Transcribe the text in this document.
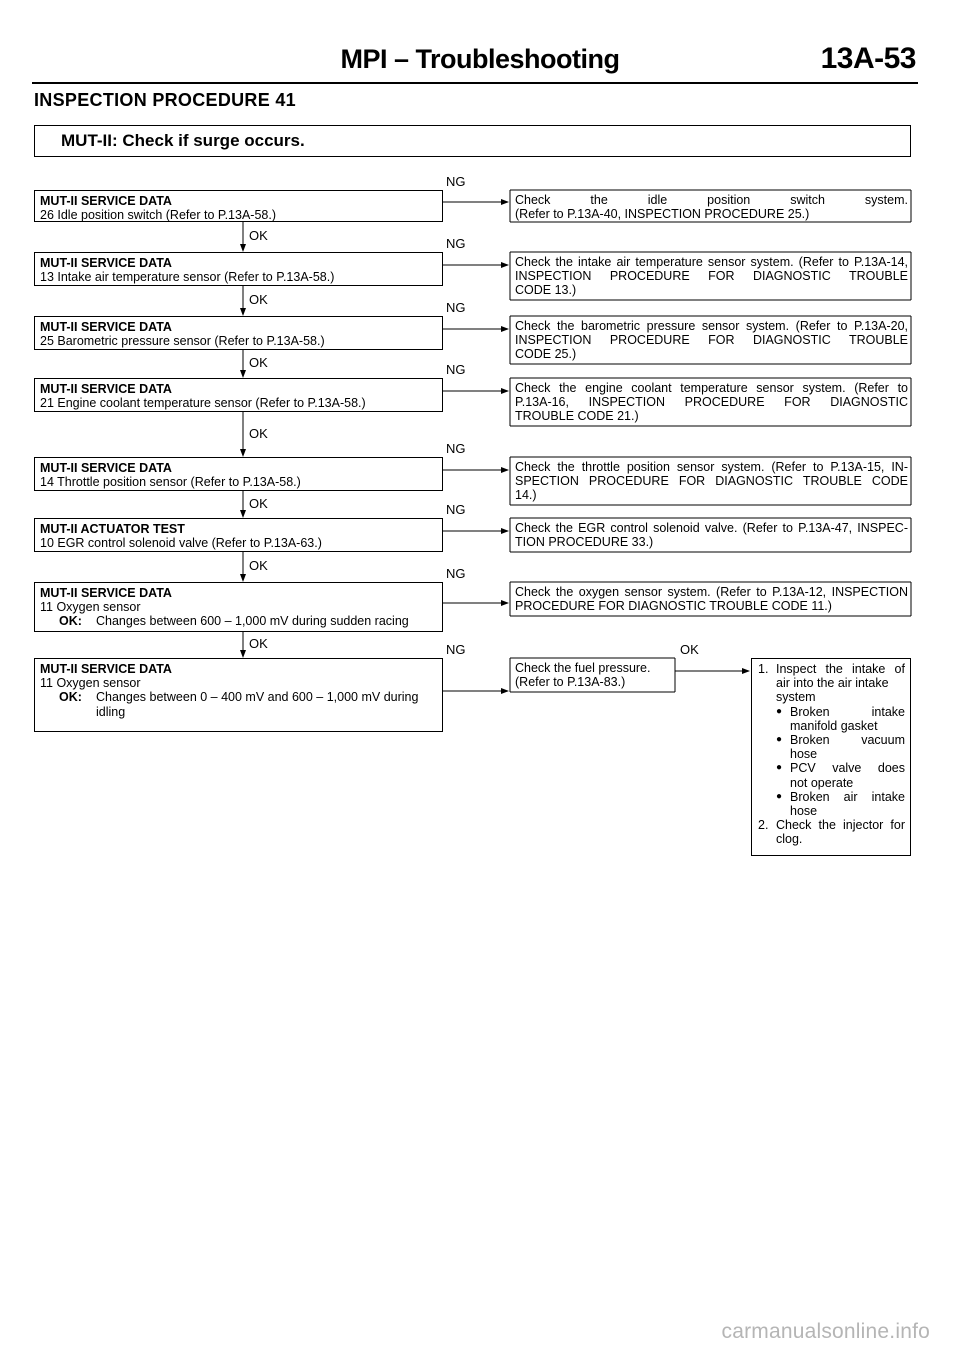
MPI – Troubleshooting	13A-53
INSPECTION PROCEDURE 41
MUT-II: Check if surge occurs.
MUT-II SERVICE DATA
26 Idle position switch (Refer to P.13A-58.)
Check the idle position switch system.
(Refer to P.13A-40, INSPECTION PROCEDURE 25.)
NG
OK
MUT-II SERVICE DATA
13 Intake air temperature sensor (Refer to P.13A-58.)
Check the intake air temperature sensor system. (Refer to P.13A-14,
INSPECTION PROCEDURE FOR DIAGNOSTIC TROUBLE
CODE 13.)
NG
OK
MUT-II SERVICE DATA
25 Barometric pressure sensor (Refer to P.13A-58.)
Check the barometric pressure sensor system. (Refer to P.13A-20,
INSPECTION PROCEDURE FOR DIAGNOSTIC TROUBLE
CODE 25.)
NG
OK
MUT-II SERVICE DATA
21 Engine coolant temperature sensor (Refer to P.13A-58.)
Check the engine coolant temperature sensor system. (Refer to
P.13A-16, INSPECTION PROCEDURE FOR DIAGNOSTIC
TROUBLE CODE 21.)
NG
OK
MUT-II SERVICE DATA
14 Throttle position sensor (Refer to P.13A-58.)
Check the throttle position sensor system. (Refer to P.13A-15, IN-
SPECTION PROCEDURE FOR DIAGNOSTIC TROUBLE CODE
14.)
NG
OK
MUT-II ACTUATOR TEST
10 EGR control solenoid valve (Refer to P.13A-63.)
Check the EGR control solenoid valve. (Refer to P.13A-47, INSPEC-
TION PROCEDURE 33.)
NG
OK
MUT-II SERVICE DATA
11 Oxygen sensor
OK:	Changes between 600 – 1,000 mV during sudden racing
Check the oxygen sensor system. (Refer to P.13A-12, INSPECTION
PROCEDURE FOR DIAGNOSTIC TROUBLE CODE 11.)
NG
OK
MUT-II SERVICE DATA
11 Oxygen sensor
OK:	Changes between 0 – 400 mV and 600 – 1,000 mV during idling
Check the fuel pressure.
(Refer to P.13A-83.)
NG	OK
1. Inspect the intake of
air into the air intake
system
● Broken intake
manifold gasket
● Broken vacuum
hose
● PCV valve does
not operate
● Broken air intake
hose
2. Check the injector for
clog.
carmanualsonline.info
